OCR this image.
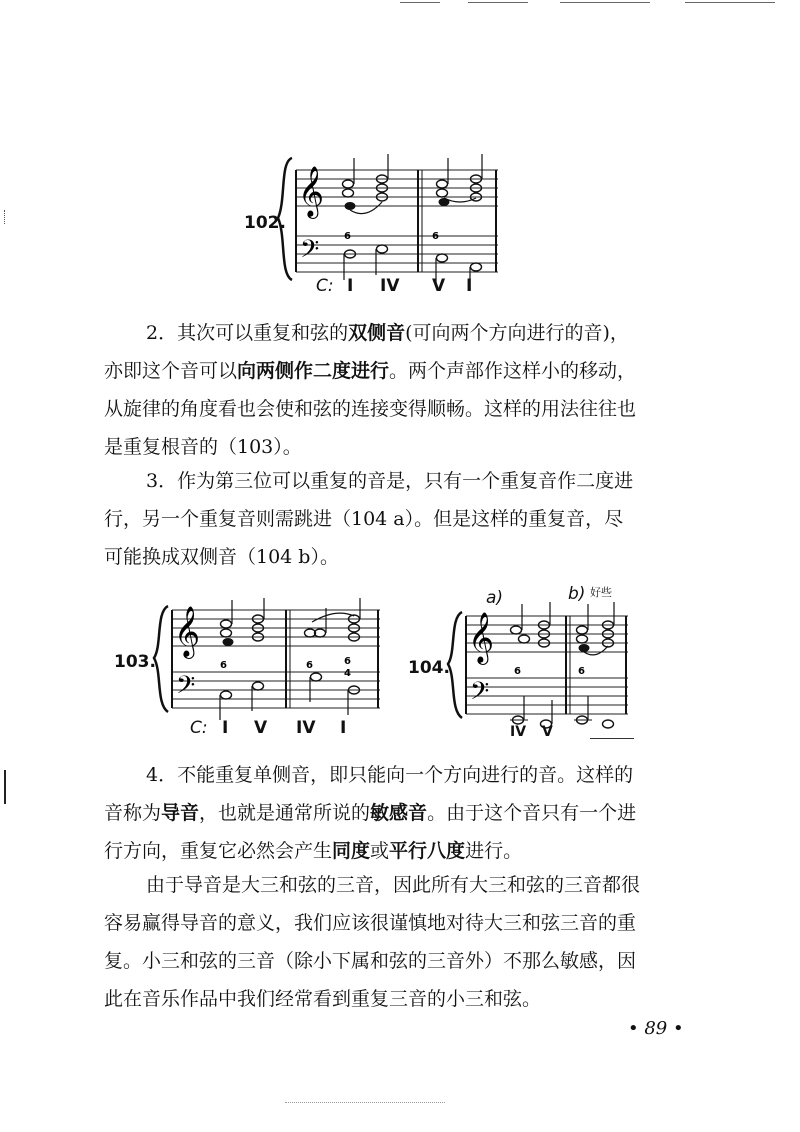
102.
𝄞
𝄢 6	6
C: I IV V I

2．其次可以重复和弦的双侧音(可向两个方向进行的音)，

亦即这个音可以向两侧作二度进行。两个声部作这样小的移动，

从旋律的角度看也会使和弦的连接变得顺畅。这样的用法往往也

是重复根音的（103）。

3．作为第三位可以重复的音是，只有一个重复音作二度进

行，另一个重复音则需跳进（104 a）。但是这样的重复音，尽

可能换成双侧音（104 b）。

103.
𝄞
𝄢
6	6	6
4
C: I V IV I
104.
𝄞
𝄢
6	6
a)	b) 好些
IV V

4．不能重复单侧音，即只能向一个方向进行的音。这样的

音称为导音，也就是通常所说的敏感音。由于这个音只有一个进

行方向，重复它必然会产生同度或平行八度进行。

由于导音是大三和弦的三音，因此所有大三和弦的三音都很

容易赢得导音的意义，我们应该很谨慎地对待大三和弦三音的重

复。小三和弦的三音（除小下属和弦的三音外）不那么敏感，因

此在音乐作品中我们经常看到重复三音的小三和弦。

• 89 •
